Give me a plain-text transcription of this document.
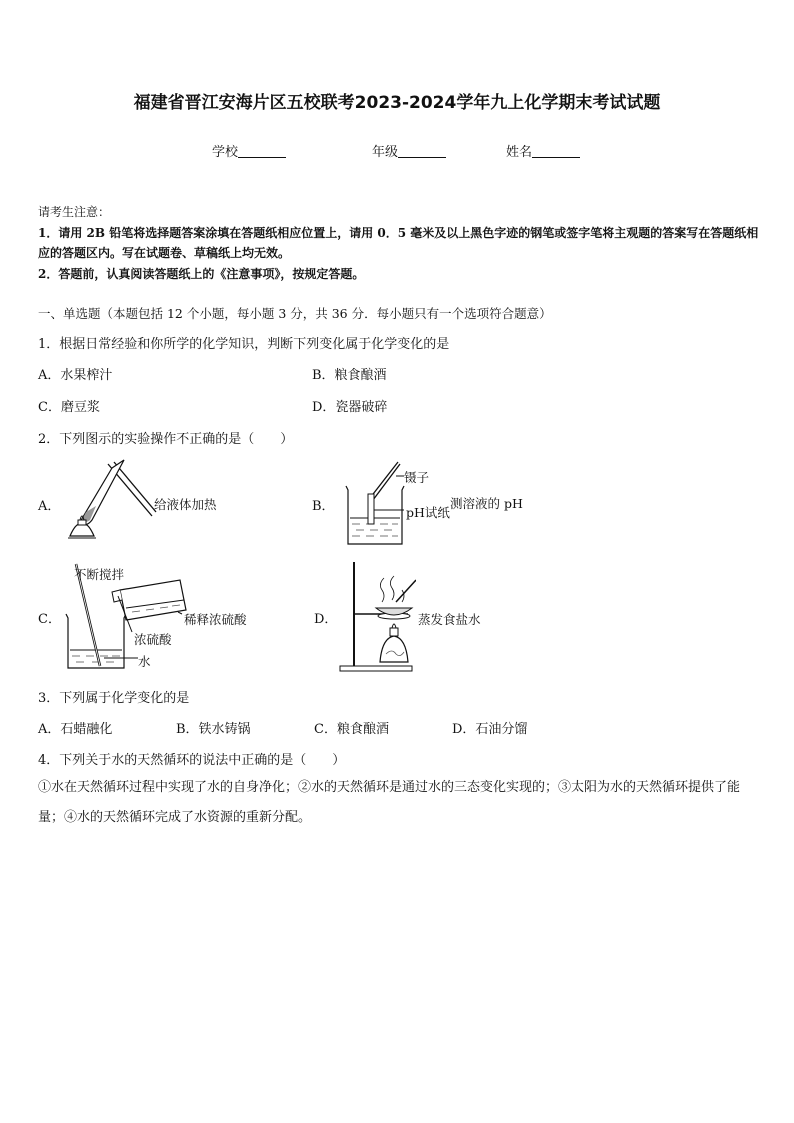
福建省晋江安海片区五校联考2023-2024学年九上化学期末考试试题
学校	年级	姓名
请考生注意：
1．请用 2B 铅笔将选择题答案涂填在答题纸相应位置上，请用 0．5 毫米及以上黑色字迹的钢笔或签字笔将主观题的答案写在答题纸相应的答题区内。写在试题卷、草稿纸上均无效。
2．答题前，认真阅读答题纸上的《注意事项》，按规定答题。
一、单选题（本题包括 12 个小题，每小题 3 分，共 36 分．每小题只有一个选项符合题意）
1．根据日常经验和你所学的化学知识，判断下列变化属于化学变化的是
A．水果榨汁	B．粮食酿酒
C．磨豆浆	D．瓷器破碎
2．下列图示的实验操作不正确的是（　　）
A．	给液体加热	B．
镊子
pH试纸
测溶液的 pH
C．
不断搅拌
稀释浓硫酸
浓硫酸
水
D．	蒸发食盐水
3．下列属于化学变化的是
A．石蜡融化	B．铁水铸锅	C．粮食酿酒	D．石油分馏
4．下列关于水的天然循环的说法中正确的是（　　）
①水在天然循环过程中实现了水的自身净化；②水的天然循环是通过水的三态变化实现的；③太阳为水的天然循环提供了能量；④水的天然循环完成了水资源的重新分配。
